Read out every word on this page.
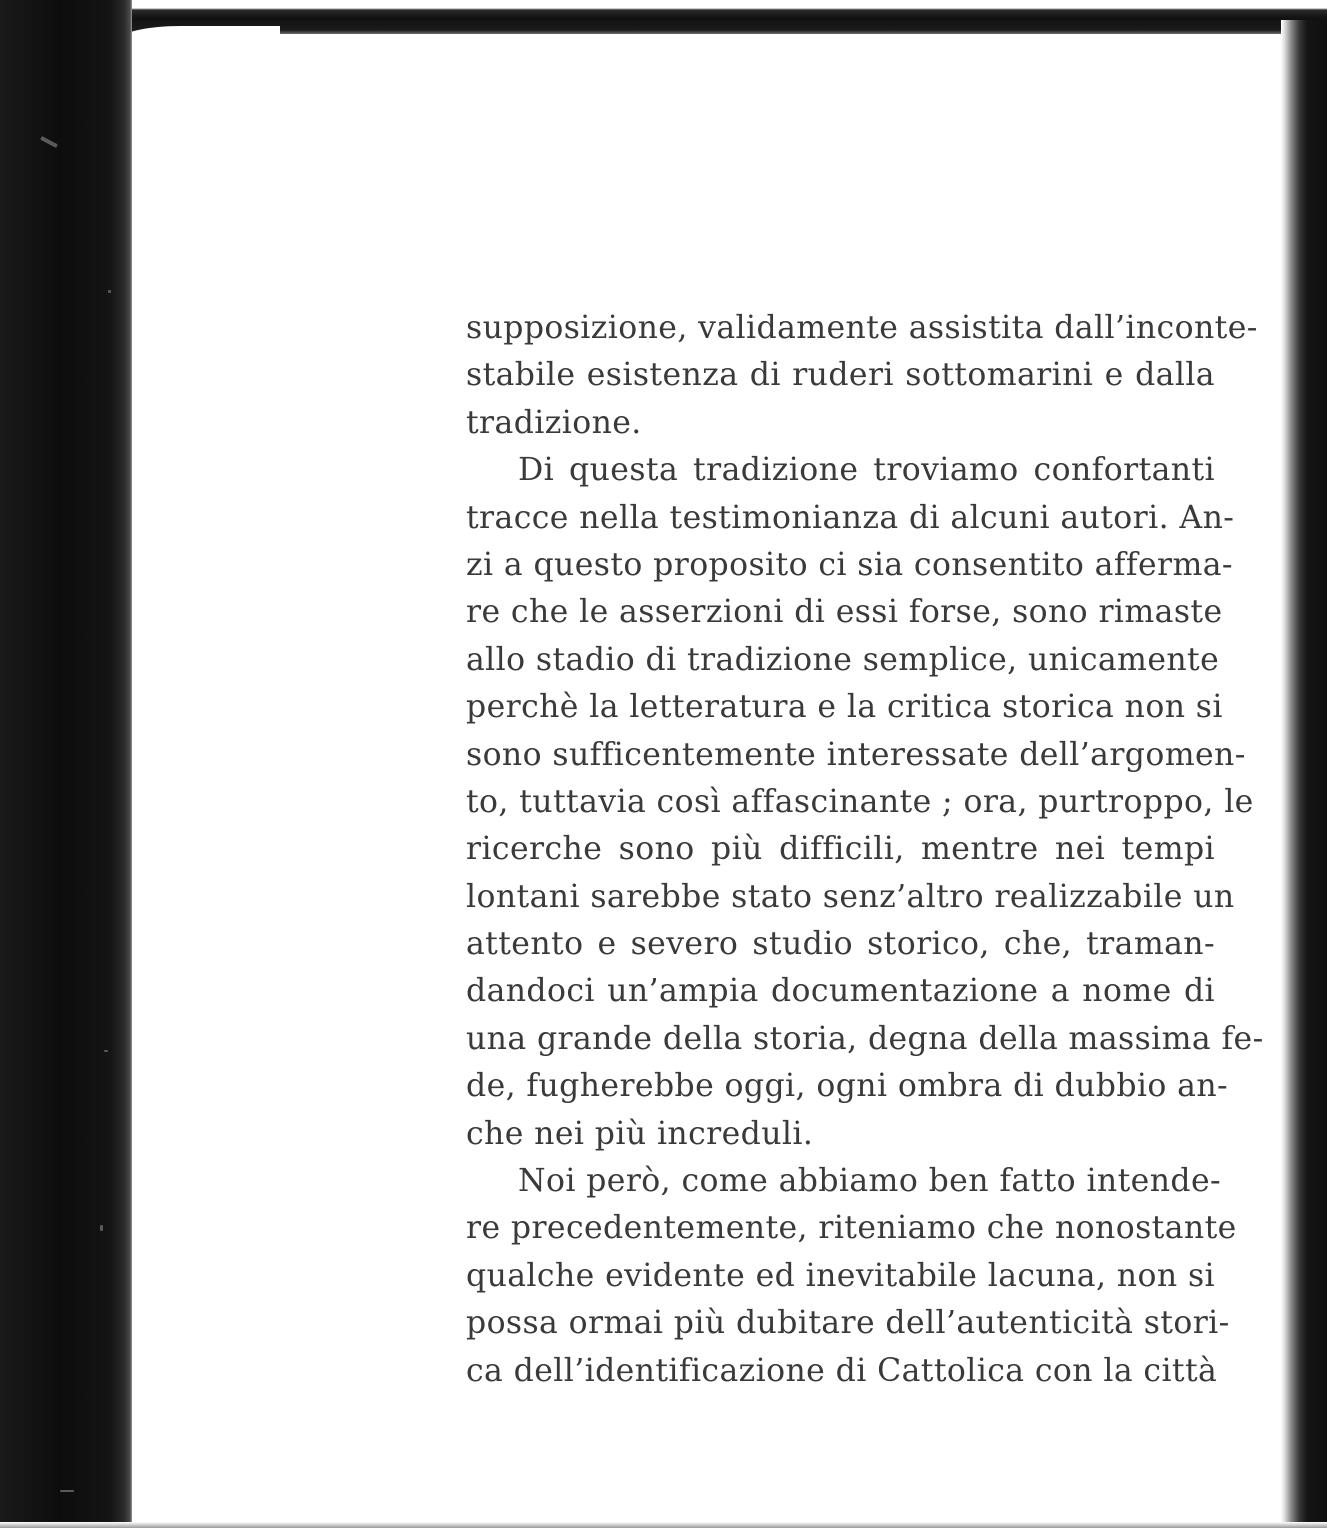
supposizione, validamente assistita dall’inconte-
stabile esistenza di ruderi sottomarini e dalla
tradizione.
Di questa tradizione troviamo confortanti
tracce nella testimonianza di alcuni autori. An-
zi a questo proposito ci sia consentito afferma-
re che le asserzioni di essi forse, sono rimaste
allo stadio di tradizione semplice, unicamente
perchè la letteratura e la critica storica non si
sono sufficentemente interessate dell’argomen-
to, tuttavia così affascinante ; ora, purtroppo, le
ricerche sono più difficili, mentre nei tempi
lontani sarebbe stato senz’altro realizzabile un
attento e severo studio storico, che, traman-
dandoci un’ampia documentazione a nome di
una grande della storia, degna della massima fe-
de, fugherebbe oggi, ogni ombra di dubbio an-
che nei più increduli.
Noi però, come abbiamo ben fatto intende-
re precedentemente, riteniamo che nonostante
qualche evidente ed inevitabile lacuna, non si
possa ormai più dubitare dell’autenticità stori-
ca dell’identificazione di Cattolica con la città
